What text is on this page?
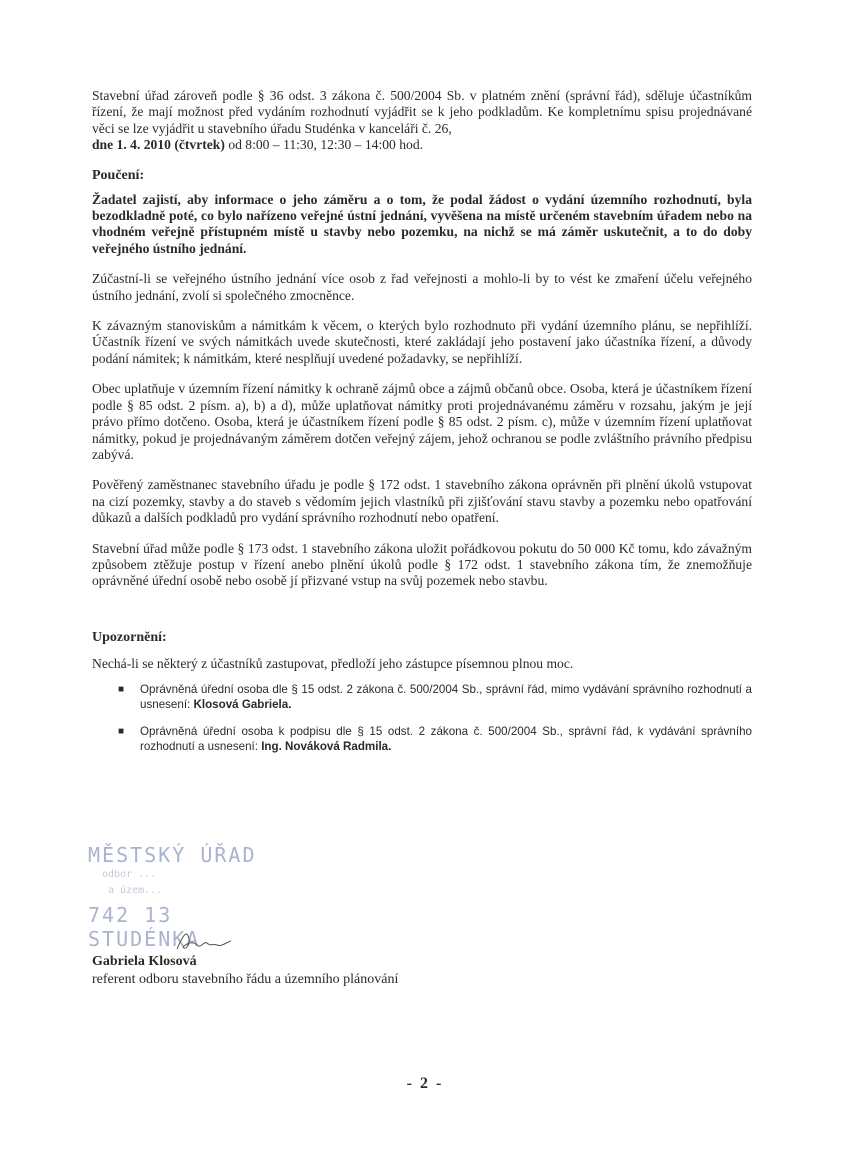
Stavební úřad zároveň podle § 36 odst. 3 zákona č. 500/2004 Sb. v platném znění (správní řád), sděluje účastníkům řízení, že mají možnost před vydáním rozhodnutí vyjádřit se k jeho podkladům. Ke kompletnímu spisu projednávané věci se lze vyjádřit u stavebního úřadu Studénka v kanceláři č. 26,
dne 1. 4. 2010 (čtvrtek) od 8:00 – 11:30, 12:30 – 14:00 hod.

Poučení:

Žadatel zajistí, aby informace o jeho záměru a o tom, že podal žádost o vydání územního rozhodnutí, byla bezodkladně poté, co bylo nařízeno veřejné ústní jednání, vyvěšena na místě určeném stavebním úřadem nebo na vhodném veřejně přístupném místě u stavby nebo pozemku, na nichž se má záměr uskutečnit, a to do doby veřejného ústního jednání.

Zúčastní-li se veřejného ústního jednání více osob z řad veřejnosti a mohlo-li by to vést ke zmaření účelu veřejného ústního jednání, zvolí si společného zmocněnce.

K závazným stanoviskům a námitkám k věcem, o kterých bylo rozhodnuto při vydání územního plánu, se nepřihlíží. Účastník řízení ve svých námitkách uvede skutečnosti, které zakládají jeho postavení jako účastníka řízení, a důvody podání námitek; k námitkám, které nesplňují uvedené požadavky, se nepřihlíží.

Obec uplatňuje v územním řízení námitky k ochraně zájmů obce a zájmů občanů obce. Osoba, která je účastníkem řízení podle § 85 odst. 2 písm. a), b) a d), může uplatňovat námitky proti projednávanému záměru v rozsahu, jakým je její právo přímo dotčeno. Osoba, která je účastníkem řízení podle § 85 odst. 2 písm. c), může v územním řízení uplatňovat námitky, pokud je projednávaným záměrem dotčen veřejný zájem, jehož ochranou se podle zvláštního právního předpisu zabývá.

Pověřený zaměstnanec stavebního úřadu je podle § 172 odst. 1 stavebního zákona oprávněn při plnění úkolů vstupovat na cizí pozemky, stavby a do staveb s vědomím jejich vlastníků při zjišťování stavu stavby a pozemku nebo opatřování důkazů a dalších podkladů pro vydání správního rozhodnutí nebo opatření.

Stavební úřad může podle § 173 odst. 1 stavebního zákona uložit pořádkovou pokutu do 50 000 Kč tomu, kdo závažným způsobem ztěžuje postup v řízení anebo plnění úkolů podle § 172 odst. 1 stavebního zákona tím, že znemožňuje oprávněné úřední osobě nebo osobě jí přizvané vstup na svůj pozemek nebo stavbu.

Upozornění:

Nechá-li se některý z účastníků zastupovat, předloží jeho zástupce písemnou plnou moc.

■ Oprávněná úřední osoba dle § 15 odst. 2 zákona č. 500/2004 Sb., správní řád, mimo vydávání správního rozhodnutí a usnesení: Klosová Gabriela.
■ Oprávněná úřední osoba k podpisu dle § 15 odst. 2 zákona č. 500/2004 Sb., správní řád, k vydávání správního rozhodnutí a usnesení: Ing. Nováková Radmila.
MĚSTSKÝ ÚŘAD
odbor ...
a územ...
742 13 STUDÉNKA
Gabriela Klosová
referent odboru stavebního řádu a územního plánování
- 2 -
